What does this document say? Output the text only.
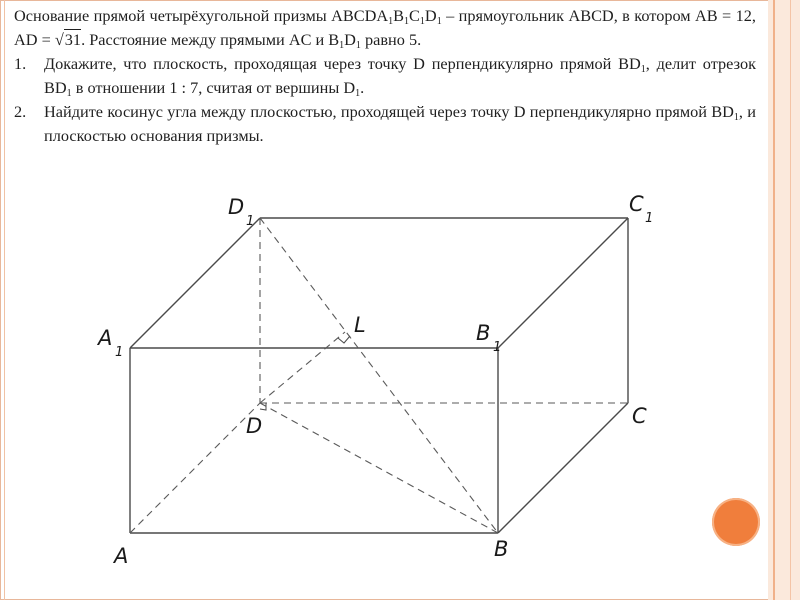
Основание прямой четырёхугольной призмы $ABCDA_1B_1C_1D_1$ – прямоугольник ABCD, в котором AB = 12, AD = √31. Расстояние между прямыми AC и $B_1D_1$ равно 5.
1.	Докажите, что плоскость, проходящая через точку D перпендикулярно прямой $BD_1$, делит отрезок $BD_1$ в отношении 1 : 7, считая от вершины $D_1$.
2.	Найдите косинус угла между плоскостью, проходящей через точку D перпендикулярно прямой $BD_1$, и плоскостью основания призмы.
D
1
C
1
A
1
B
1
L
D	C
A	B
